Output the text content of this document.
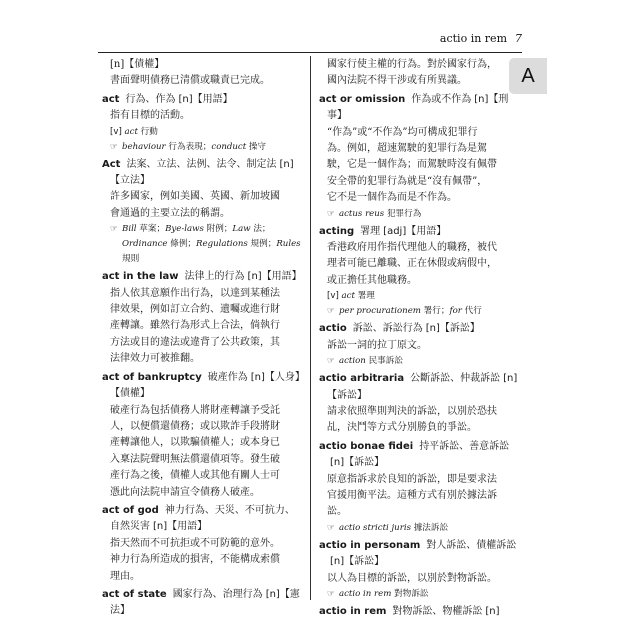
actio in rem 7
[n]【債權】
書面聲明債務已清償或職責已完成。

act 行為、作為 [n]【用語】

指有目標的活動。
[v] act 行動
☞ behaviour 行為表現；conduct 操守

Act 法案、立法、法例、法令、制定法 [n]【立法】

許多國家，例如美國、英國、新加坡國
會通過的主要立法的稱謂。
☞ Bill 草案；Bye-laws 附例；Law 法；Ordinance 條例；Regulations 規例；Rules 規則

act in the law 法律上的行為 [n]【用語】

指人依其意願作出行為，以達到某種法
律效果，例如訂立合約、遺囑或進行財
產轉讓。雖然行為形式上合法，倘執行
方法或目的違法或違背了公共政策，其
法律效力可被推翻。

act of bankruptcy 破產作為 [n]【人身】【債權】

破產行為包括債務人將財產轉讓予受託
人，以便償還債務；或以欺詐手段將財
產轉讓他人，以欺騙債權人；或本身已
入稟法院聲明無法償還債項等。發生破
產行為之後，債權人或其他有關人士可
憑此向法院申請宣令債務人破產。

act of god 神力行為、天災、不可抗力、自然災害 [n]【用語】

指天然而不可抗拒或不可防範的意外。
神力行為所造成的損害，不能構成索償
理由。

act of state 國家行為、治理行為 [n]【憲法】

國家行使主權的行為。對於國家行為，
國內法院不得干涉或有所異議。

act or omission 作為或不作為 [n]【刑事】

“作為”或“不作為”均可構成犯罪行
為。例如，超速駕駛的犯罪行為是駕
駛，它是一個作為；而駕駛時沒有佩帶
安全帶的犯罪行為就是“沒有佩帶”，
它不是一個作為而是不作為。
☞ actus reus 犯罪行為

acting 署理 [adj]【用語】

香港政府用作指代理他人的職務，被代
理者可能已離職、正在休假或病假中，
或正擔任其他職務。
[v] act 署理
☞ per procurationem 署行；for 代行

actio 訴訟、訴訟行為 [n]【訴訟】

訴訟一詞的拉丁原文。
☞ action 民事訴訟

actio arbitraria 公斷訴訟、仲裁訴訟 [n]【訴訟】

請求依照準則判決的訴訟，以別於恐扶
乩，決鬥等方式分別勝負的爭訟。

actio bonae fidei 持平訴訟、善意訴訟[n]【訴訟】

原意指訴求於良知的訴訟，即是要求法
官援用衡平法。這種方式有別於據法訴
訟。
☞ actio stricti juris 據法訴訟

actio in personam 對人訴訟、債權訴訟[n]【訴訟】

以人為目標的訴訟，以別於對物訴訟。
☞ actio in rem 對物訴訟

actio in rem 對物訴訟、物權訴訟 [n]

A
